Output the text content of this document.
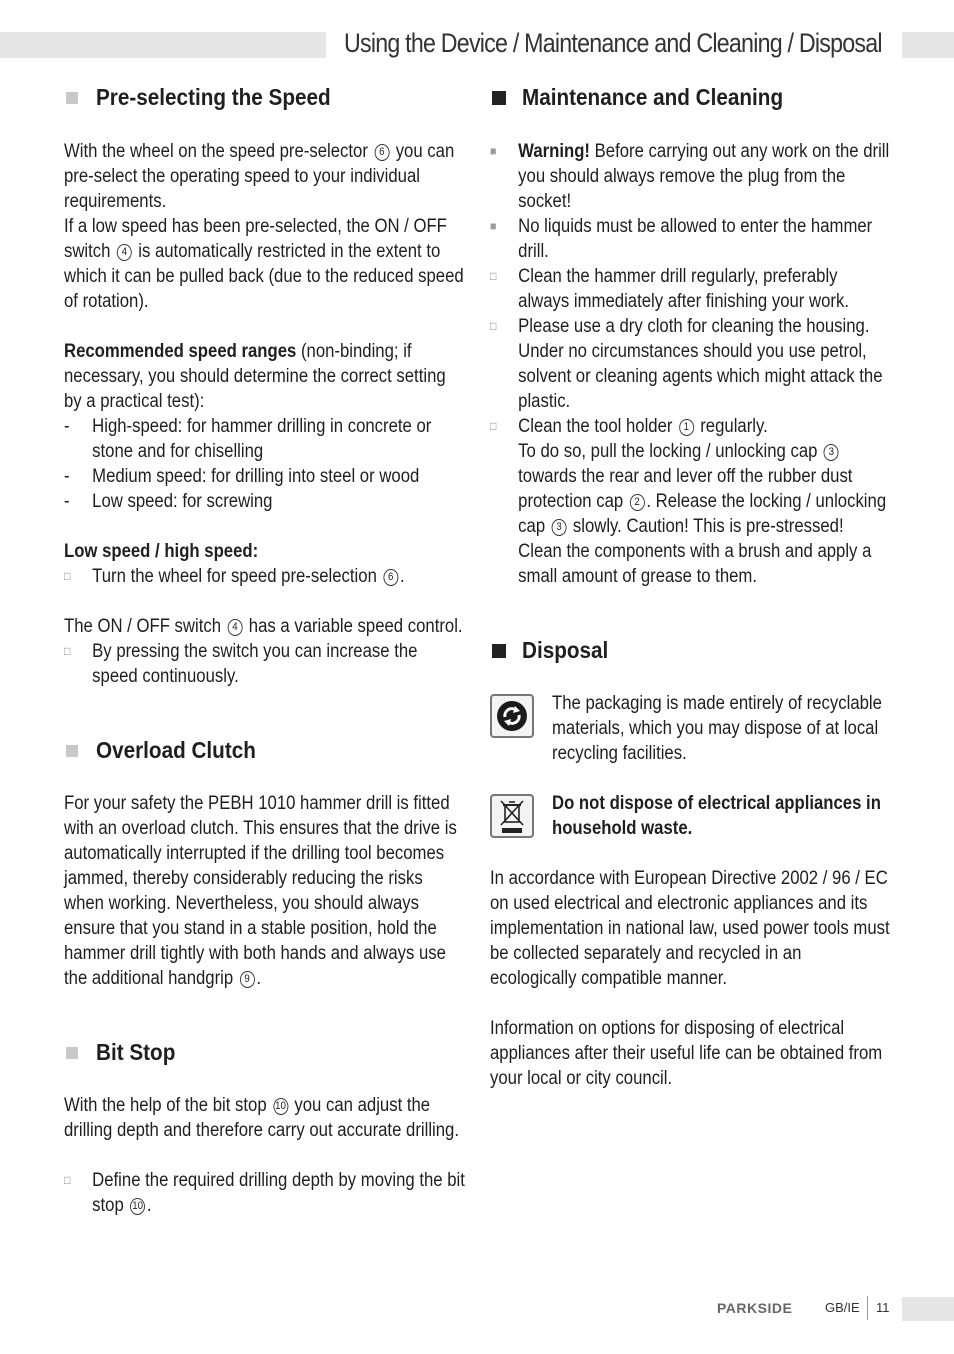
Using the Device / Maintenance and Cleaning / Disposal
Pre-selecting the Speed

With the wheel on the speed pre-selector 6 you can pre-select the operating speed to your individual requirements.

If a low speed has been pre-selected, the ON / OFF switch 4 is automatically restricted in the extent to which it can be pulled back (due to the reduced speed of rotation).

Recommended speed ranges (non-binding; if necessary, you should determine the correct setting by a practical test):

- High-speed: for hammer drilling in concrete or stone and for chiselling
- Medium speed: for drilling into steel or wood
- Low speed: for screwing

Low speed / high speed:

□ Turn the wheel for speed pre-selection 6 .

The ON / OFF switch 4 has a variable speed control.

□ By pressing the switch you can increase the speed continuously.
Overload Clutch

For your safety the PEBH 1010 hammer drill is fitted with an overload clutch. This ensures that the drive is automatically interrupted if the drilling tool becomes jammed, thereby considerably reducing the risks when working. Nevertheless, you should always ensure that you stand in a stable position, hold the hammer drill tightly with both hands and always use the additional handgrip 9 .

Bit Stop

With the help of the bit stop 10 you can adjust the drilling depth and therefore carry out accurate drilling.

□ Define the required drilling depth by moving the bit stop 10 .
Maintenance and Cleaning
■ Warning! Before carrying out any work on the drill you should always remove the plug from the socket!
■ No liquids must be allowed to enter the hammer drill.
□ Clean the hammer drill regularly, preferably always immediately after finishing your work.
□ Please use a dry cloth for cleaning the housing. Under no circumstances should you use petrol, solvent or cleaning agents which might attack the plastic.
□ Clean the tool holder 1 regularly.
To do so, pull the locking / unlocking cap 3 towards the rear and lever off the rubber dust protection cap 2 . Release the locking / unlocking cap 3 slowly. Caution! This is pre-stressed! Clean the components with a brush and apply a small amount of grease to them.
Disposal

The packaging is made entirely of recyclable materials, which you may dispose of at local recycling facilities.

Do not dispose of electrical appliances in household waste.

In accordance with European Directive 2002 / 96 / EC on used electrical and electronic appliances and its implementation in national law, used power tools must be collected separately and recycled in an ecologically compatible manner.

Information on options for disposing of electrical appliances after their useful life can be obtained from your local or city council.

PARKSIDE	GB/IE 11
